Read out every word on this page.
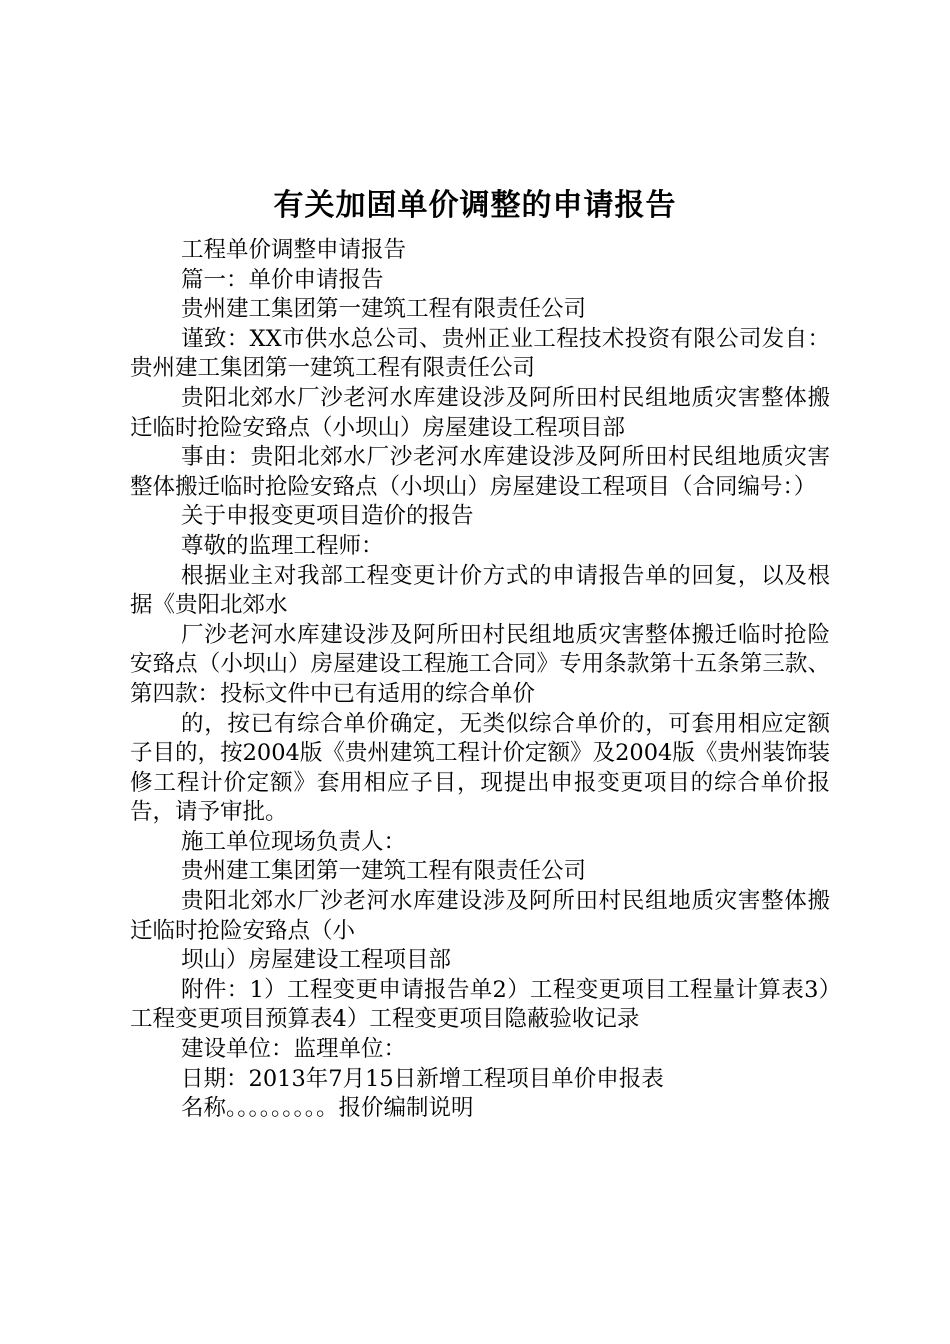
有关加固单价调整的申请报告

工程单价调整申请报告

篇一：单价申请报告

贵州建工集团第一建筑工程有限责任公司

谨致：XX市供水总公司、贵州正业工程技术投资有限公司发自：贵州建工集团第一建筑工程有限责任公司

贵阳北郊水厂沙老河水库建设涉及阿所田村民组地质灾害整体搬迁临时抢险安臵点（小坝山）房屋建设工程项目部

事由：贵阳北郊水厂沙老河水库建设涉及阿所田村民组地质灾害整体搬迁临时抢险安臵点（小坝山）房屋建设工程项目（合同编号：）

关于申报变更项目造价的报告

尊敬的监理工程师：

根据业主对我部工程变更计价方式的申请报告单的回复，以及根据《贵阳北郊水

厂沙老河水库建设涉及阿所田村民组地质灾害整体搬迁临时抢险安臵点（小坝山）房屋建设工程施工合同》专用条款第十五条第三款、第四款：投标文件中已有适用的综合单价

的，按已有综合单价确定，无类似综合单价的，可套用相应定额子目的，按2004版《贵州建筑工程计价定额》及2004版《贵州装饰装修工程计价定额》套用相应子目，现提出申报变更项目的综合单价报告，请予审批。

施工单位现场负责人：

贵州建工集团第一建筑工程有限责任公司

贵阳北郊水厂沙老河水库建设涉及阿所田村民组地质灾害整体搬迁临时抢险安臵点（小

坝山）房屋建设工程项目部

附件：1）工程变更申请报告单2）工程变更项目工程量计算表3）工程变更项目预算表4）工程变更项目隐蔽验收记录

建设单位：监理单位：

日期：2013年7月15日新增工程项目单价申报表

名称。。。。。。。。。报价编制说明
